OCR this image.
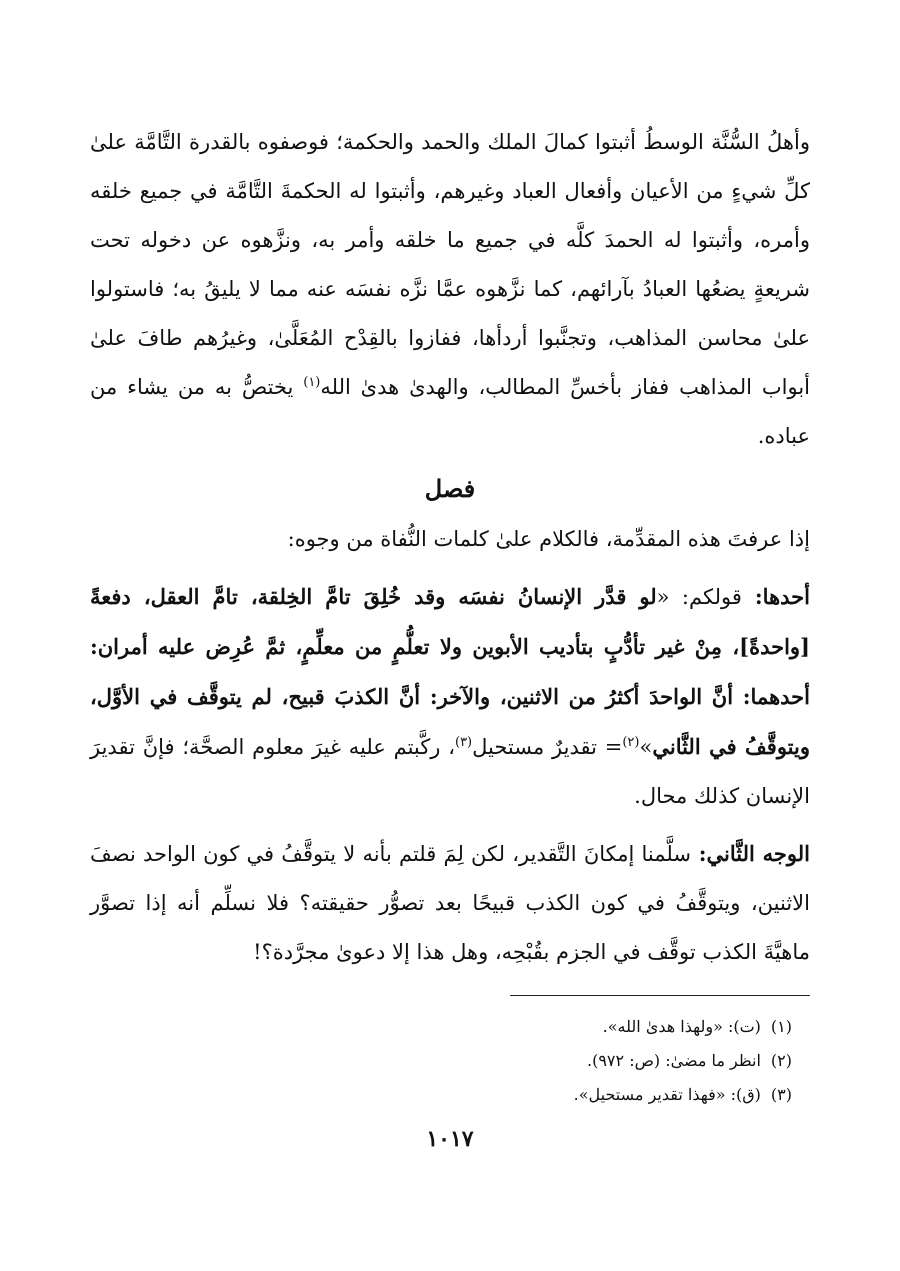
وأهلُ السُّنَّة الوسطُ أثبتوا كمالَ الملك والحمد والحكمة؛ فوصفوه بالقدرة التَّامَّة علىٰ كلِّ شيءٍ من الأعيان وأفعال العباد وغيرهم، وأثبتوا له الحكمةَ التَّامَّة في جميع خلقه وأمره، وأثبتوا له الحمدَ كلَّه في جميع ما خلقه وأمر به، ونزَّهوه عن دخوله تحت شريعةٍ يضعُها العبادُ بآرائهم، كما نزَّهوه عمَّا نزَّه نفسَه عنه مما لا يليقُ به؛ فاستولوا علىٰ محاسن المذاهب، وتجنَّبوا أردأها، ففازوا بالقِدْح المُعَلَّىٰ، وغيرُهم طافَ علىٰ أبواب المذاهب ففاز بأخسِّ المطالب، والهدىٰ هدىٰ الله$^{(١)}$ يختصُّ به من يشاء من عباده.

فصل

إذا عرفتَ هذه المقدِّمة، فالكلام علىٰ كلمات النُّفاة من وجوه:

أحدها: قولكم: «لو قدَّر الإنسانُ نفسَه وقد خُلِقَ تامَّ الخِلقة، تامَّ العقل، دفعةً [واحدةً]، مِنْ غير تأدُّبٍ بتأديب الأبوين ولا تعلُّمٍ من معلِّمٍ، ثمَّ عُرِض عليه أمران: أحدهما: أنَّ الواحدَ أكثرُ من الاثنين، والآخر: أنَّ الكذبَ قبيح، لم يتوقَّف في الأوَّل، ويتوقَّفُ في الثَّاني»$^{(٢)}$= تقديرٌ مستحيل$^{(٣)}$، ركَّبتم عليه غيرَ معلوم الصحَّة؛ فإنَّ تقديرَ الإنسان كذلك محال.

الوجه الثَّاني: سلَّمنا إمكانَ التَّقدير، لكن لِمَ قلتم بأنه لا يتوقَّفُ في كون الواحد نصفَ الاثنين، ويتوقَّفُ في كون الكذب قبيحًا بعد تصوُّر حقيقته؟ فلا نسلِّم أنه إذا تصوَّر ماهيَّةَ الكذب توقَّف في الجزم بقُبْحِه، وهل هذا إلا دعوىٰ مجرَّدة؟!

(١)(ت): «ولهذا هدىٰ الله».

(٢)انظر ما مضىٰ: (ص: ٩٧٢).

(٣)(ق): «فهذا تقدير مستحيل».

١٠١٧
